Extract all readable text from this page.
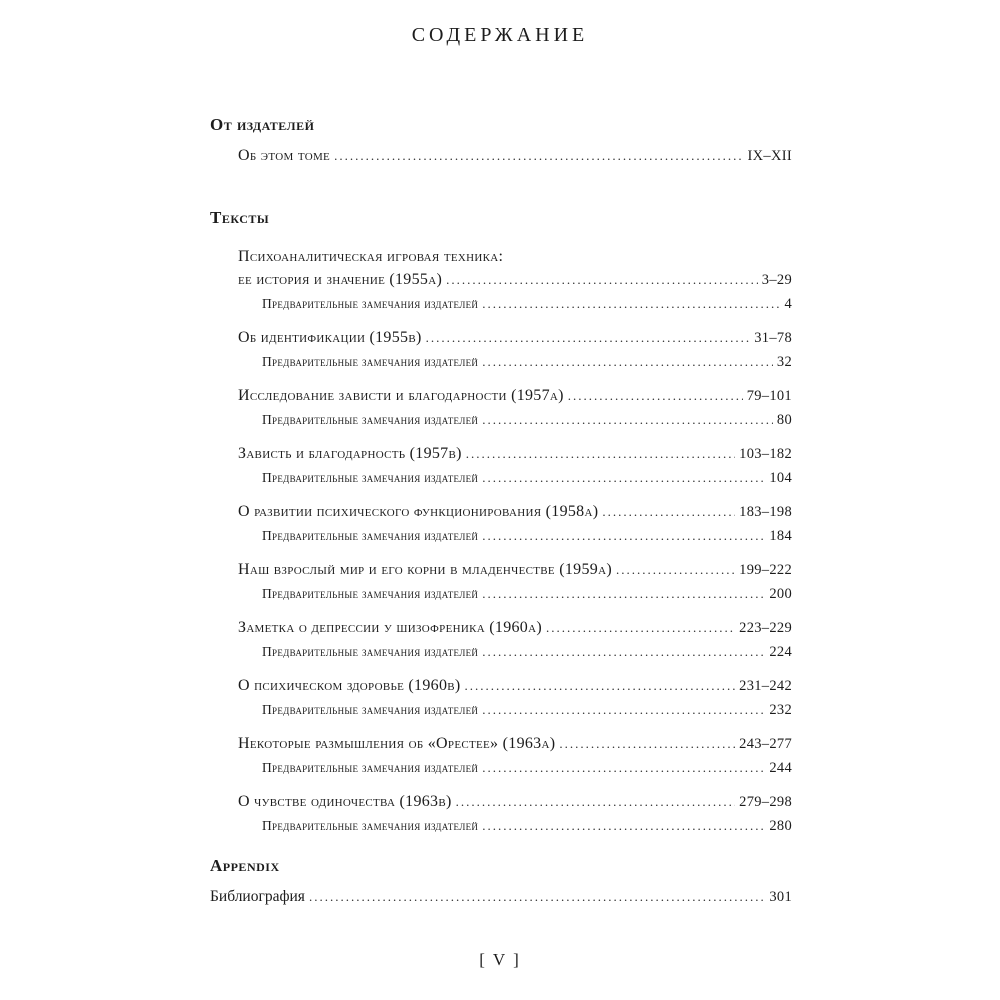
СОДЕРЖАНИЕ
От издателей
Об этом томе .....	IX–XII
Тексты
Психоаналитическая игровая техника:
ее история и значение (1955a) .....	3–29
Предварительные замечания издателей .....	4
Об идентификации (1955b) .....	31–78
Предварительные замечания издателей .....	32
Исследование зависти и благодарности (1957a) .....	79–101
Предварительные замечания издателей .....	80
Зависть и благодарность (1957b) .....	103–182
Предварительные замечания издателей .....	104
О развитии психического функционирования (1958a) .....	183–198
Предварительные замечания издателей .....	184
Наш взрослый мир и его корни в младенчестве (1959a) .....	199–222
Предварительные замечания издателей .....	200
Заметка о депрессии у шизофреника (1960a) .....	223–229
Предварительные замечания издателей .....	224
О психическом здоровье (1960b) .....	231–242
Предварительные замечания издателей .....	232
Некоторые размышления об «Орестее» (1963a) .....	243–277
Предварительные замечания издателей .....	244
О чувстве одиночества (1963b) .....	279–298
Предварительные замечания издателей .....	280
Appendix
Библиография .....	301
[ V ]
